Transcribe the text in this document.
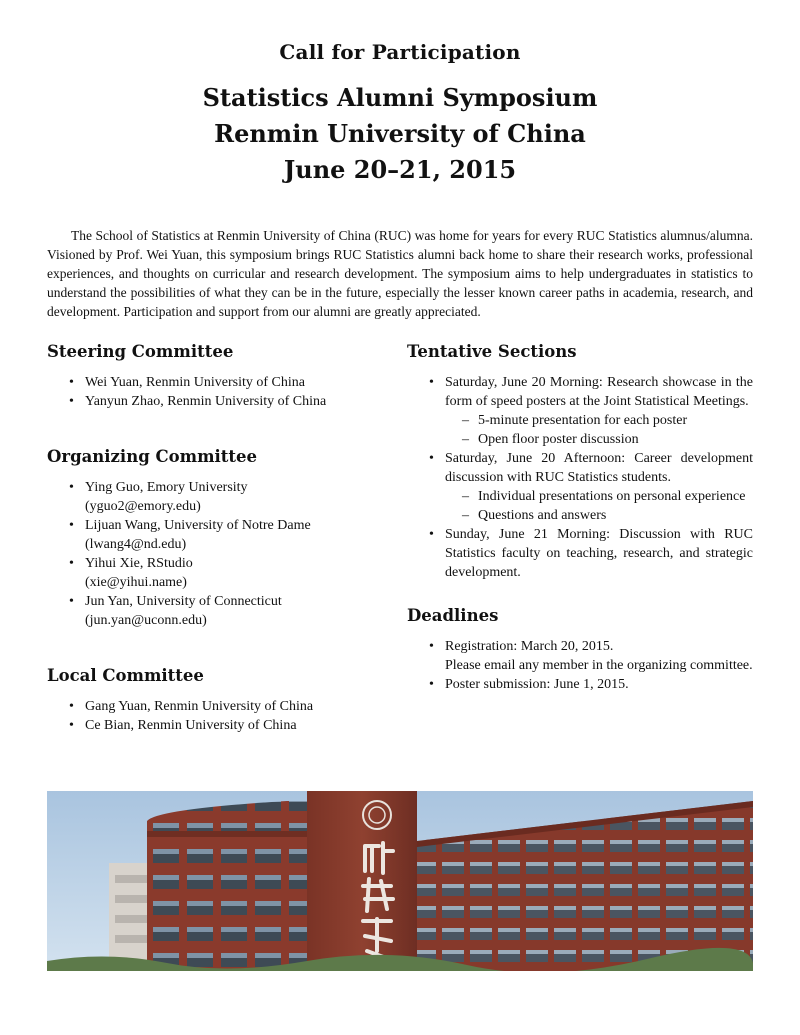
Call for Participation
Statistics Alumni Symposium
Renmin University of China
June 20–21, 2015

The School of Statistics at Renmin University of China (RUC) was home for years for every RUC Statistics alumnus/alumna. Visioned by Prof. Wei Yuan, this symposium brings RUC Statistics alumni back home to share their research works, professional experiences, and thoughts on curricular and research development. The symposium aims to help undergraduates in statistics to understand the possibilities of what they can be in the future, especially the lesser known career paths in academia, research, and development. Participation and support from our alumni are greatly appreciated.

Steering Committee
• Wei Yuan, Renmin University of China
• Yanyun Zhao, Renmin University of China
Organizing Committee
• Ying Guo, Emory University
(yguo2@emory.edu)
• Lijuan Wang, University of Notre Dame
(lwang4@nd.edu)
• Yihui Xie, RStudio
(xie@yihui.name)
• Jun Yan, University of Connecticut
(jun.yan@uconn.edu)
Local Committee
• Gang Yuan, Renmin University of China
• Ce Bian, Renmin University of China
Tentative Sections
• Saturday, June 20 Morning: Research showcase in the form of speed posters at the Joint Statistical Meetings.
– 5-minute presentation for each poster
– Open floor poster discussion
• Saturday, June 20 Afternoon: Career development discussion with RUC Statistics students.
– Individual presentations on personal experience
– Questions and answers
• Sunday, June 21 Morning: Discussion with RUC Statistics faculty on teaching, research, and strategic development.
Deadlines
• Registration: March 20, 2015.
Please email any member in the organizing committee.
• Poster submission: June 1, 2015.
